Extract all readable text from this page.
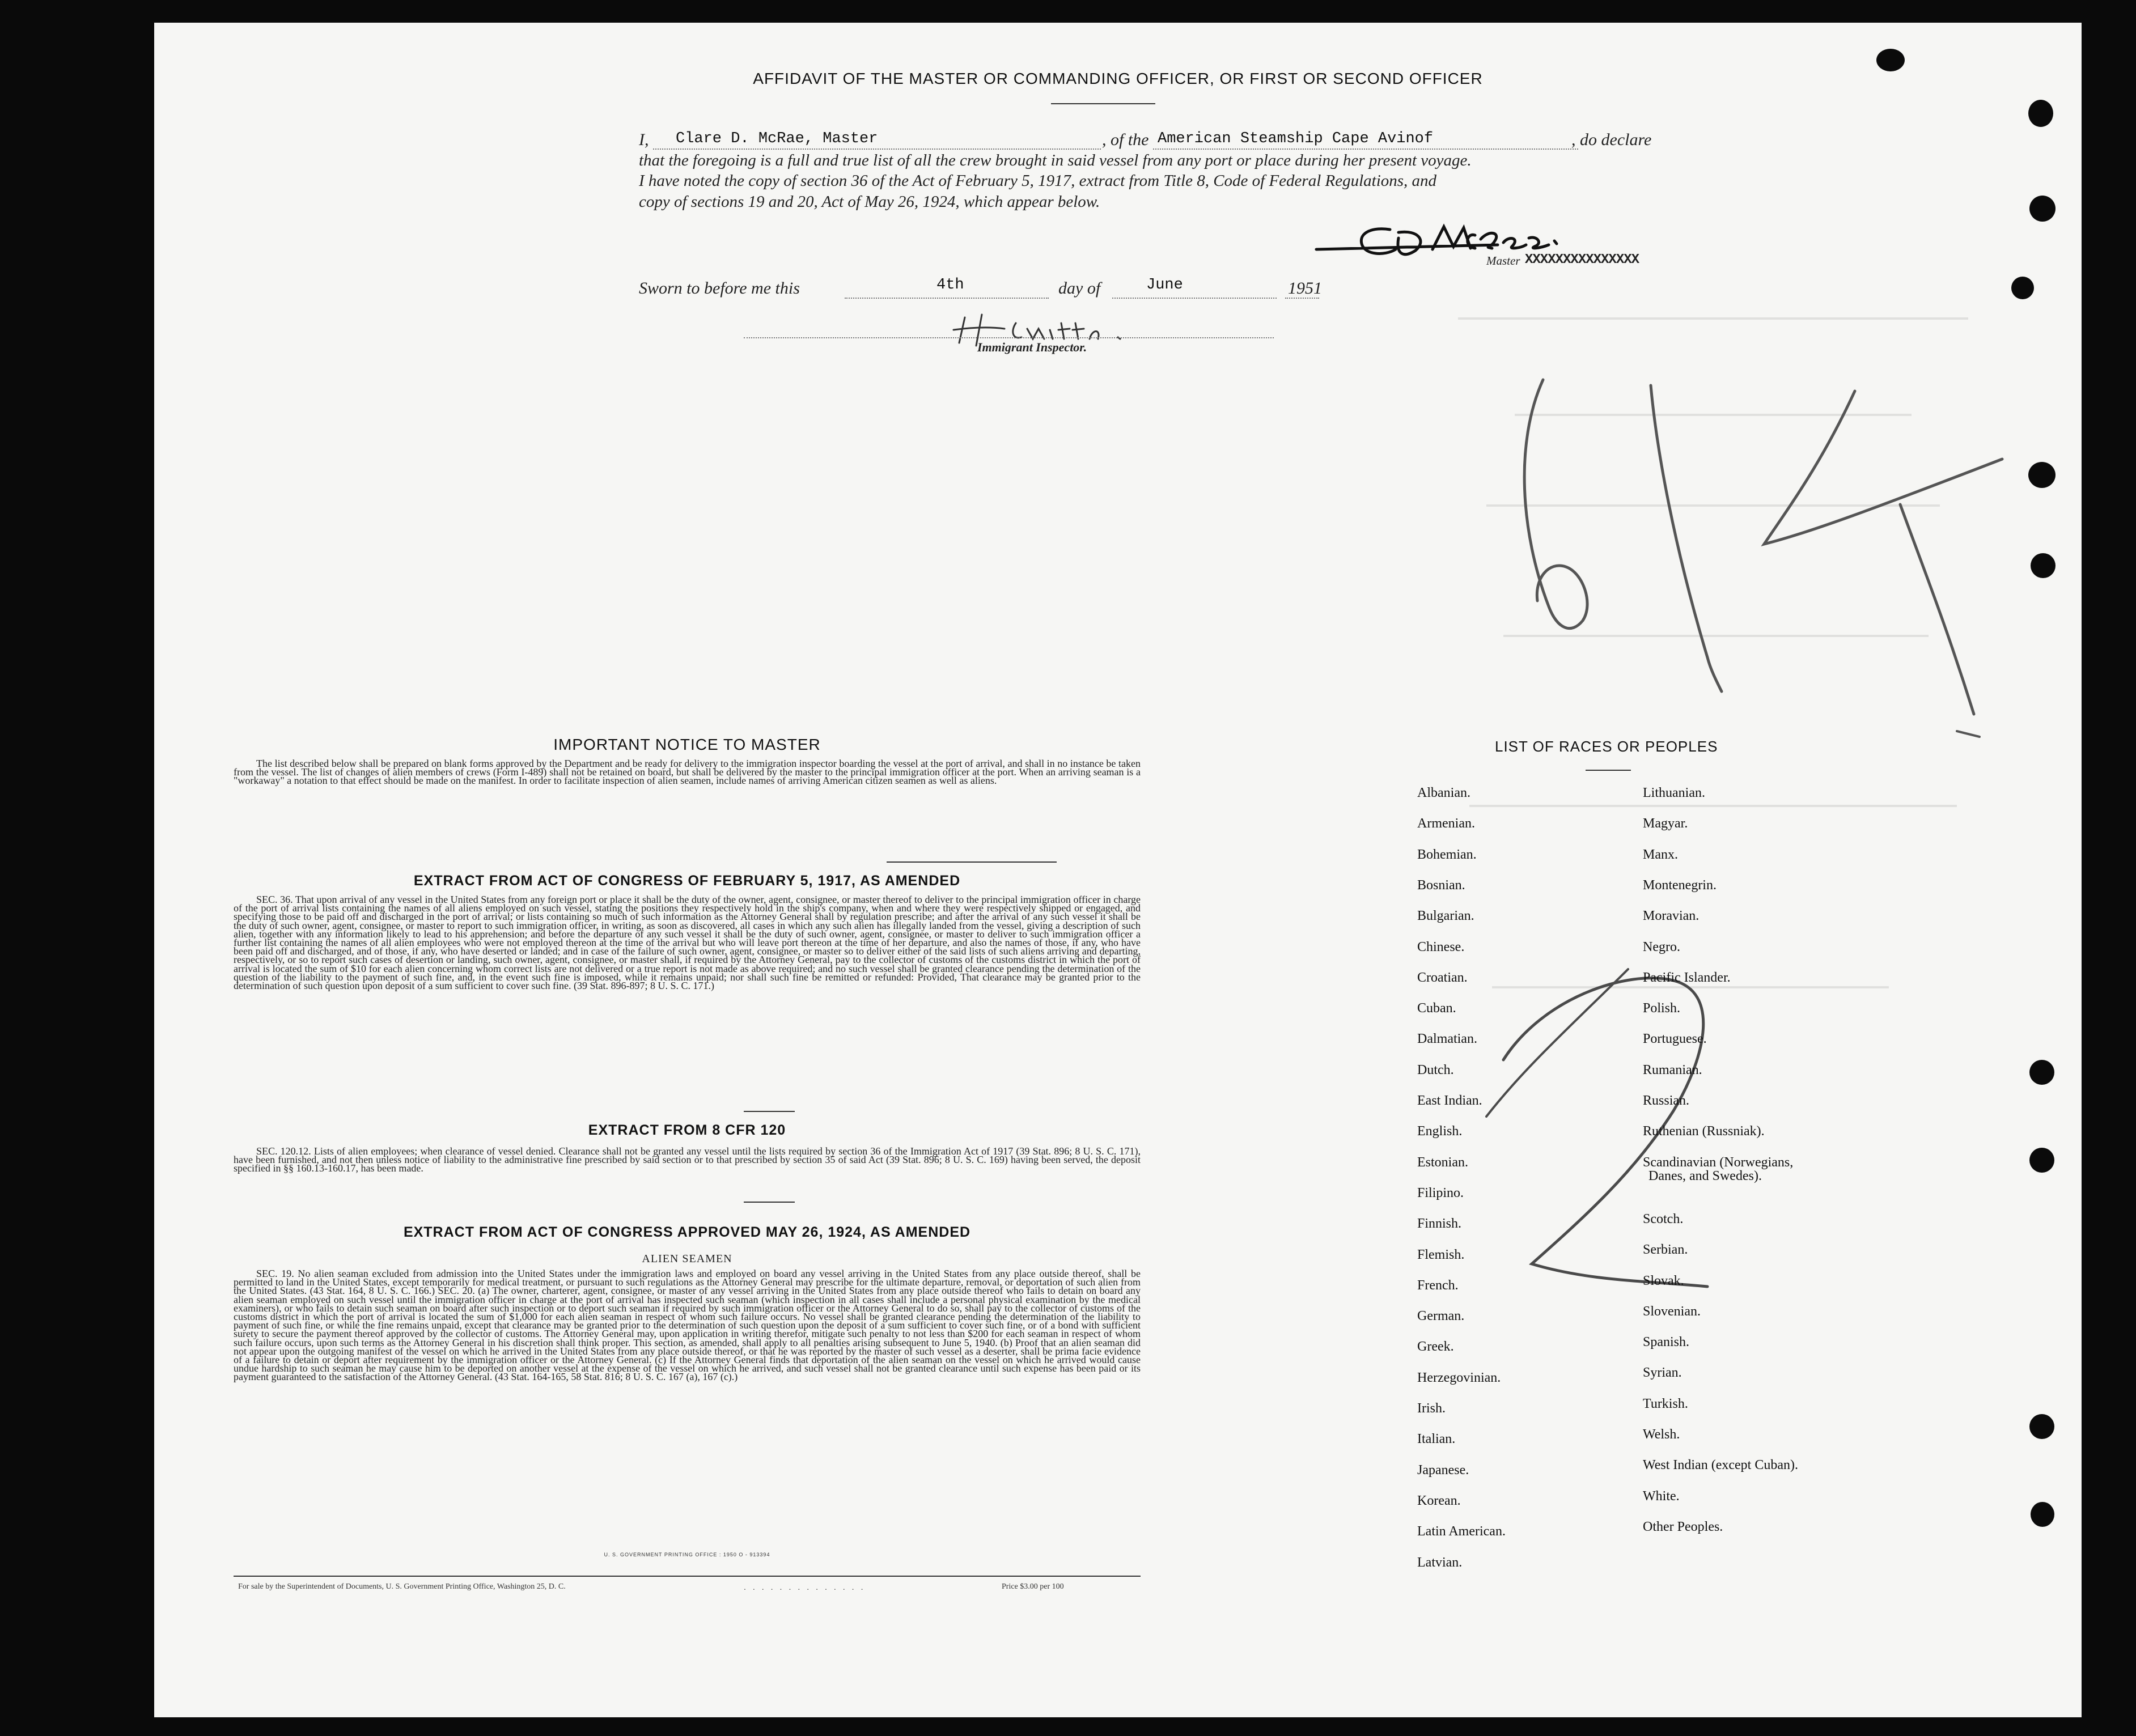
AFFIDAVIT OF THE MASTER OR COMMANDING OFFICER, OR FIRST OR SECOND OFFICER
I, Clare D. McRae, Master	, of the American Steamship Cape Avinof	, do declare
that the foregoing is a full and true list of all the crew brought in said vessel from any port or place during her present voyage.
I have noted the copy of section 36 of the Act of February 5, 1917, extract from Title 8, Code of Federal Regulations, and
copy of sections 19 and 20, Act of May 26, 1924, which appear below.
Master XXXXXXXXXXXXXXX
Sworn to before me this	4th	day of	June	1951
Immigrant Inspector.
IMPORTANT NOTICE TO MASTER
The list described below shall be prepared on blank forms approved by the Department and be ready for delivery to the immigration inspector boarding the vessel at the port of arrival, and shall in no instance be taken from the vessel. The list of changes of alien members of crews (Form I-489) shall not be retained on board, but shall be delivered by the master to the principal immigration officer at the port. When an arriving seaman is a "workaway" a notation to that effect should be made on the manifest. In order to facilitate inspection of alien seamen, include names of arriving American citizen seamen as well as aliens.
EXTRACT FROM ACT OF CONGRESS OF FEBRUARY 5, 1917, AS AMENDED
SEC. 36. That upon arrival of any vessel in the United States from any foreign port or place it shall be the duty of the owner, agent, consignee, or master thereof to deliver to the principal immigration officer in charge of the port of arrival lists containing the names of all aliens employed on such vessel, stating the positions they respectively hold in the ship's company, when and where they were respectively shipped or engaged, and specifying those to be paid off and discharged in the port of arrival; or lists containing so much of such information as the Attorney General shall by regulation prescribe; and after the arrival of any such vessel it shall be the duty of such owner, agent, consignee, or master to report to such immigration officer, in writing, as soon as discovered, all cases in which any such alien has illegally landed from the vessel, giving a description of such alien, together with any information likely to lead to his apprehension; and before the departure of any such vessel it shall be the duty of such owner, agent, consignee, or master to deliver to such immigration officer a further list containing the names of all alien employees who were not employed thereon at the time of the arrival but who will leave port thereon at the time of her departure, and also the names of those, if any, who have been paid off and discharged, and of those, if any, who have deserted or landed; and in case of the failure of such owner, agent, consignee, or master so to deliver either of the said lists of such aliens arriving and departing, respectively, or so to report such cases of desertion or landing, such owner, agent, consignee, or master shall, if required by the Attorney General, pay to the collector of customs of the customs district in which the port of arrival is located the sum of $10 for each alien concerning whom correct lists are not delivered or a true report is not made as above required; and no such vessel shall be granted clearance pending the determination of the question of the liability to the payment of such fine, and, in the event such fine is imposed, while it remains unpaid; nor shall such fine be remitted or refunded: Provided, That clearance may be granted prior to the determination of such question upon deposit of a sum sufficient to cover such fine. (39 Stat. 896-897; 8 U. S. C. 171.)
EXTRACT FROM 8 CFR 120
SEC. 120.12. Lists of alien employees; when clearance of vessel denied. Clearance shall not be granted any vessel until the lists required by section 36 of the Immigration Act of 1917 (39 Stat. 896; 8 U. S. C. 171), have been furnished, and not then unless notice of liability to the administrative fine prescribed by said section or to that prescribed by section 35 of said Act (39 Stat. 896; 8 U. S. C. 169) having been served, the deposit specified in §§ 160.13-160.17, has been made.
EXTRACT FROM ACT OF CONGRESS APPROVED MAY 26, 1924, AS AMENDED
ALIEN SEAMEN
SEC. 19. No alien seaman excluded from admission into the United States under the immigration laws and employed on board any vessel arriving in the United States from any place outside thereof, shall be permitted to land in the United States, except temporarily for medical treatment, or pursuant to such regulations as the Attorney General may prescribe for the ultimate departure, removal, or deportation of such alien from the United States. (43 Stat. 164, 8 U. S. C. 166.) SEC. 20. (a) The owner, charterer, agent, consignee, or master of any vessel arriving in the United States from any place outside thereof who fails to detain on board any alien seaman employed on such vessel until the immigration officer in charge at the port of arrival has inspected such seaman (which inspection in all cases shall include a personal physical examination by the medical examiners), or who fails to detain such seaman on board after such inspection or to deport such seaman if required by such immigration officer or the Attorney General to do so, shall pay to the collector of customs of the customs district in which the port of arrival is located the sum of $1,000 for each alien seaman in respect of whom such failure occurs. No vessel shall be granted clearance pending the determination of the liability to payment of such fine, or while the fine remains unpaid, except that clearance may be granted prior to the determination of such question upon the deposit of a sum sufficient to cover such fine, or of a bond with sufficient surety to secure the payment thereof approved by the collector of customs. The Attorney General may, upon application in writing therefor, mitigate such penalty to not less than $200 for each seaman in respect of whom such failure occurs, upon such terms as the Attorney General in his discretion shall think proper. This section, as amended, shall apply to all penalties arising subsequent to June 5, 1940. (b) Proof that an alien seaman did not appear upon the outgoing manifest of the vessel on which he arrived in the United States from any place outside thereof, or that he was reported by the master of such vessel as a deserter, shall be prima facie evidence of a failure to detain or deport after requirement by the immigration officer or the Attorney General. (c) If the Attorney General finds that deportation of the alien seaman on the vessel on which he arrived would cause undue hardship to such seaman he may cause him to be deported on another vessel at the expense of the vessel on which he arrived, and such vessel shall not be granted clearance until such expense has been paid or its payment guaranteed to the satisfaction of the Attorney General. (43 Stat. 164-165, 58 Stat. 816; 8 U. S. C. 167 (a), 167 (c).)
U. S. GOVERNMENT PRINTING OFFICE : 1950 O - 913394
For sale by the Superintendent of Documents, U. S. Government Printing Office, Washington 25, D. C.	..............	Price $3.00 per 100
LIST OF RACES OR PEOPLES
Albanian.
Armenian.
Bohemian.
Bosnian.
Bulgarian.
Chinese.
Croatian.
Cuban.
Dalmatian.
Dutch.
East Indian.
English.
Estonian.
Filipino.
Finnish.
Flemish.
French.
German.
Greek.
Herzegovinian.
Irish.
Italian.
Japanese.
Korean.
Latin American.
Latvian.
Lithuanian.
Magyar.
Manx.
Montenegrin.
Moravian.
Negro.
Pacific Islander.
Polish.
Portuguese.
Rumanian.
Russian.
Ruthenian (Russniak).
Scandinavian (Norwegians,
Danes, and Swedes).
Scotch.
Serbian.
Slovak.
Slovenian.
Spanish.
Syrian.
Turkish.
Welsh.
West Indian (except Cuban).
White.
Other Peoples.
